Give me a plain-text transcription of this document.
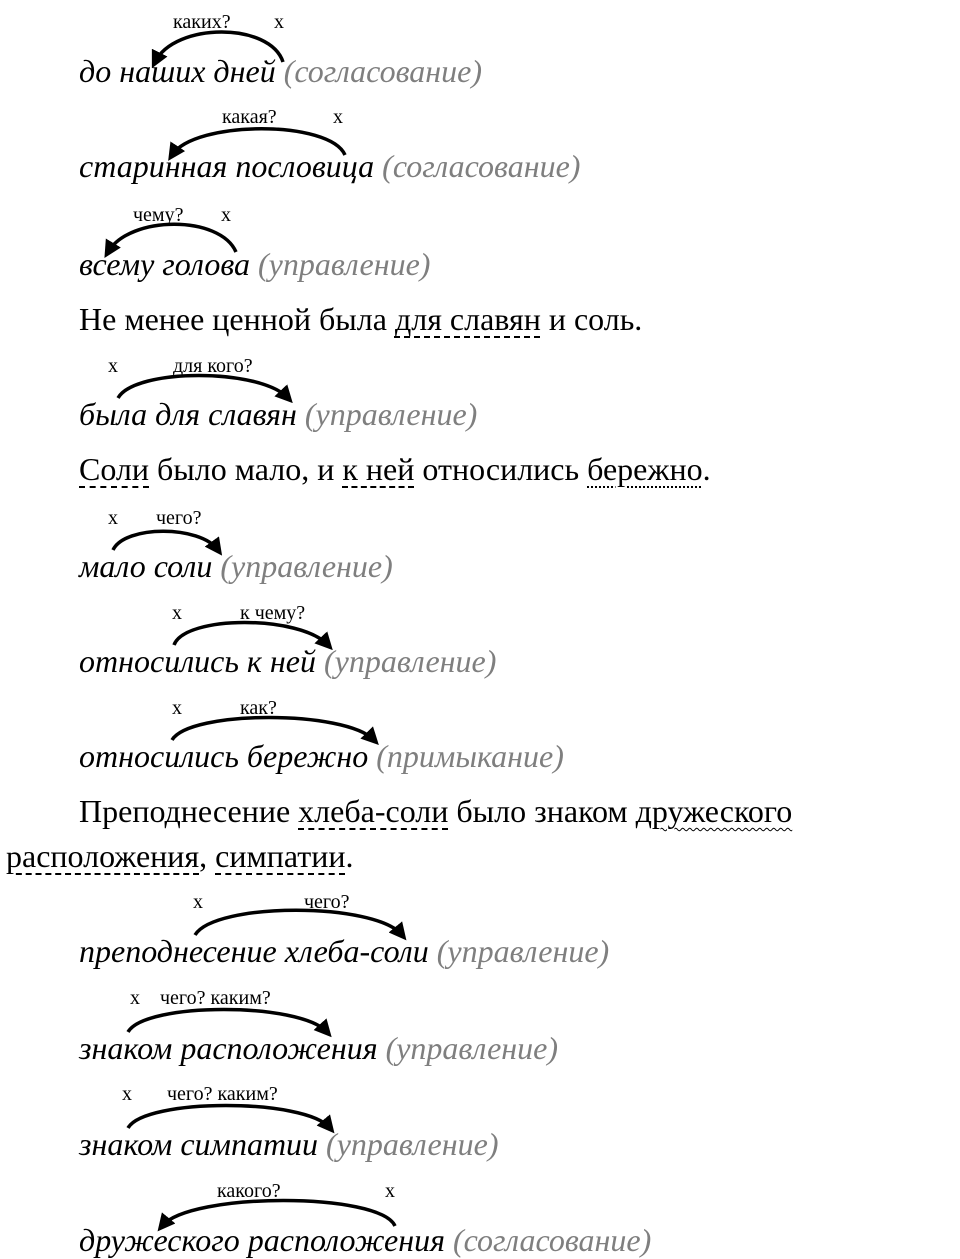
каких? x
до наших дней (согласование)
какая?	x
старинная пословица (согласование)
чему? x
всему голова (управление)
Не менее ценной была для славян и соль.
x	для кого?
была для славян (управление)
Соли было мало, и к ней относились бережно.
x чего?
мало соли (управление)
x	к чему?
относились к ней (управление)
x	как?
относились бережно (примыкание)
Преподнесение хлеба-соли было знаком дружеского
расположения, симпатии.
x	чего?
преподнесение хлеба-соли (управление)
x чего? каким?
знаком расположения (управление)
x чего? каким?
знаком симпатии (управление)
какого?	x
дружеского расположения (согласование)
